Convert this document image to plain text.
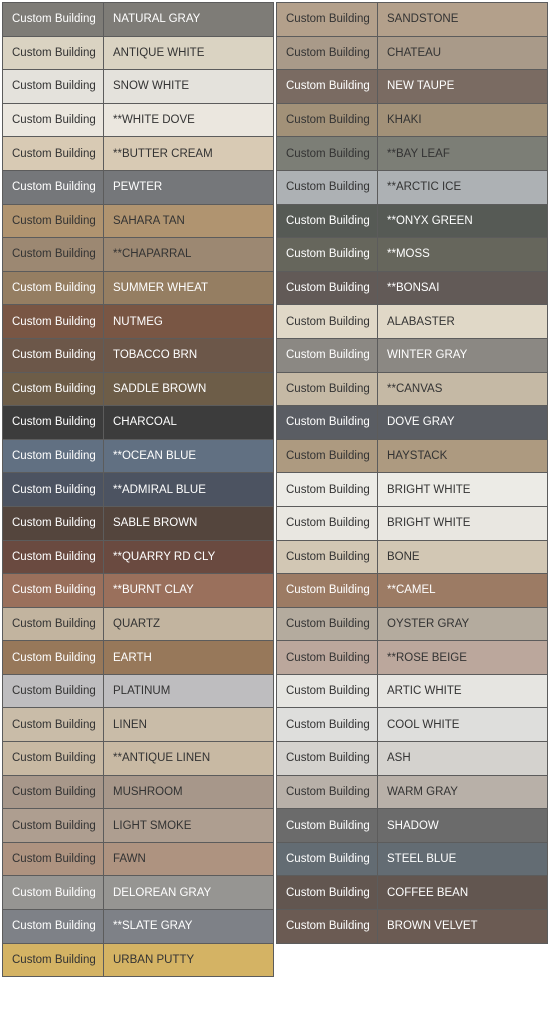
Custom Building	NATURAL GRAY
Custom Building	ANTIQUE WHITE
Custom Building	SNOW WHITE
Custom Building	**WHITE DOVE
Custom Building	**BUTTER CREAM
Custom Building	PEWTER
Custom Building	SAHARA TAN
Custom Building	**CHAPARRAL
Custom Building	SUMMER WHEAT
Custom Building	NUTMEG
Custom Building	TOBACCO BRN
Custom Building	SADDLE BROWN
Custom Building	CHARCOAL
Custom Building	**OCEAN BLUE
Custom Building	**ADMIRAL BLUE
Custom Building	SABLE BROWN
Custom Building	**QUARRY RD CLY
Custom Building	**BURNT CLAY
Custom Building	QUARTZ
Custom Building	EARTH
Custom Building	PLATINUM
Custom Building	LINEN
Custom Building	**ANTIQUE LINEN
Custom Building	MUSHROOM
Custom Building	LIGHT SMOKE
Custom Building	FAWN
Custom Building	DELOREAN GRAY
Custom Building	**SLATE GRAY
Custom Building	URBAN PUTTY
Custom Building	SANDSTONE
Custom Building	CHATEAU
Custom Building	NEW TAUPE
Custom Building	KHAKI
Custom Building	**BAY LEAF
Custom Building	**ARCTIC ICE
Custom Building	**ONYX GREEN
Custom Building	**MOSS
Custom Building	**BONSAI
Custom Building	ALABASTER
Custom Building	WINTER GRAY
Custom Building	**CANVAS
Custom Building	DOVE GRAY
Custom Building	HAYSTACK
Custom Building	BRIGHT WHITE
Custom Building	BRIGHT WHITE
Custom Building	BONE
Custom Building	**CAMEL
Custom Building	OYSTER GRAY
Custom Building	**ROSE BEIGE
Custom Building	ARTIC WHITE
Custom Building	COOL WHITE
Custom Building	ASH
Custom Building	WARM GRAY
Custom Building	SHADOW
Custom Building	STEEL BLUE
Custom Building	COFFEE BEAN
Custom Building	BROWN VELVET
